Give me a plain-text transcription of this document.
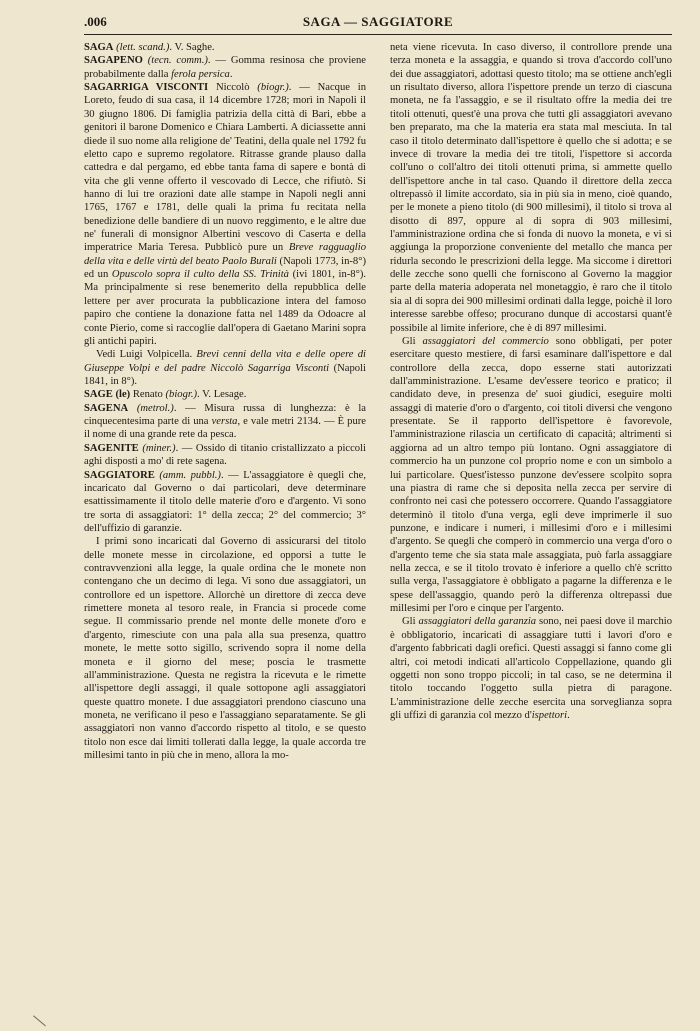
.006	SAGA — SAGGIATORE

SAGA (lett. scand.). V. Saghe.

SAGAPENO (tecn. comm.). — Gomma resinosa che proviene probabilmente dalla ferola persica.

SAGARRIGA VISCONTI Niccolò (biogr.). — Nacque in Loreto, feudo di sua casa, il 14 dicembre 1728; morì in Napoli il 30 giugno 1806. Di famiglia patrizia della città di Bari, ebbe a genitori il barone Domenico e Chiara Lamberti. A diciassette anni diede il suo nome alla religione de' Teatini, della quale nel 1792 fu eletto capo e supremo regolatore. Ritrasse grande plauso dalla cattedra e dal pergamo, ed ebbe tanta fama di sapere e bontà di vita che gli venne offerto il vescovado di Lecce, che rifiutò. Si hanno di lui tre orazioni date alle stampe in Napoli negli anni 1765, 1767 e 1781, delle quali la prima fu recitata nella benedizione delle bandiere di un nuovo reggimento, e le altre due ne' funerali di monsignor Albertini vescovo di Caserta e della imperatrice Maria Teresa. Pubblicò pure un Breve ragguaglio della vita e delle virtù del beato Paolo Burali (Napoli 1773, in-8°) ed un Opuscolo sopra il culto della SS. Trinità (ivi 1801, in-8°). Ma principalmente si rese benemerito della repubblica delle lettere per aver procurata la pubblicazione intera del famoso papiro che contiene la donazione fatta nel 1489 da Odoacre al conte Pierio, come si raccoglie dall'opera di Gaetano Marini sopra gli antichi papiri.

Vedi Luigi Volpicella. Brevi cenni della vita e delle opere di Giuseppe Volpi e del padre Niccolò Sagarriga Visconti (Napoli 1841, in 8°).

SAGE (le) Renato (biogr.). V. Lesage.

SAGENA (metrol.). — Misura russa di lunghezza: è la cinquecentesima parte di una versta, e vale metri 2134. — È pure il nome di una grande rete da pesca.

SAGENITE (miner.). — Ossido di titanio cristallizzato a piccoli aghi disposti a mo' di rete sagena.

SAGGIATORE (amm. pubbl.). — L'assaggiatore è quegli che, incaricato dal Governo o dai particolari, deve determinare esattissimamente il titolo delle materie d'oro e d'argento. Vi sono tre sorta di assaggiatori: 1° della zecca; 2° del commercio; 3° dell'uffizio di garanzie.

I primi sono incaricati dal Governo di assicurarsi del titolo delle monete messe in circolazione, ed opporsi a tutte le contravvenzioni alla legge, la quale ordina che le monete non contengano che un decimo di lega. Vi sono due assaggiatori, un controllore ed un ispettore. Allorchè un direttore di zecca deve rimettere moneta al tesoro reale, in Francia si procede come segue. Il commissario prende nel monte delle monete d'oro e d'argento, rimescìute con una pala alla sua presenza, quattro monete, le mette sotto sigillo, scrivendo sopra il nome della moneta e il giorno del mese; poscia le trasmette all'amministrazione. Questa ne registra la ricevuta e le rimette all'ispettore degli assaggi, il quale sottopone agli assaggiatori queste quattro monete. I due assaggiatori prendono ciascuno una moneta, ne verificano il peso e l'assaggiano separatamente. Se gli assaggiatori non vanno d'accordo rispetto al titolo, e se questo titolo non esce dai limiti tollerati dalla legge, la quale accorda tre millesimi tanto in più che in meno, allora la mo-

neta viene ricevuta. In caso diverso, il controllore prende una terza moneta e la assaggia, e quando si trova d'accordo coll'uno dei due assaggiatori, adottasi questo titolo; ma se ottiene anch'egli un risultato diverso, allora l'ispettore prende un terzo di ciascuna moneta, ne fa l'assaggio, e se il risultato offre la media dei tre titoli ottenuti, quest'è una prova che tutti gli assaggiatori avevano ben preparato, ma che la materia era stata mal mescìuta. In tal caso il titolo determinato dall'ispettore è quello che si adotta; e se invece di trovare la media dei tre titoli, l'ispettore si accorda coll'uno o coll'altro dei titoli ottenuti prima, si ammette quello dell'ispettore anche in tal caso. Quando il direttore della zecca oltrepassò il limite accordato, sia in più sia in meno, cioè quando, per le monete a pieno titolo (di 900 millesimi), il titolo si trova al disotto di 897, oppure al di sopra di 903 millesimi, l'amministrazione ordina che si fonda di nuovo la moneta, e vi si aggiunga la proporzione conveniente del metallo che manca per ridurla secondo le prescrizioni della legge. Ma siccome i direttori delle zecche sono quelli che forniscono al Governo la maggior parte della materia adoperata nel monetaggio, è raro che il titolo sia al di sopra dei 900 millesimi ordinati dalla legge, poichè il loro interesse sarebbe offeso; procurano dunque di accostarsi quant'è possibile al limite inferiore, che è di 897 millesimi.

Gli assaggiatori del commercio sono obbligati, per poter esercitare questo mestiere, di farsi esaminare dall'ispettore e dal controllore della zecca, dopo esserne stati autorizzati dall'amministrazione. L'esame dev'essere teorico e pratico; il candidato deve, in presenza de' suoi giudici, eseguire molti assaggi di materie d'oro o d'argento, coi titoli diversi che vengono presentate. Se il rapporto dell'ispettore è favorevole, l'amministrazione rilascia un certificato di capacità; altrimenti si aggiorna ad un altro tempo più lontano. Ogni assaggiatore di commercio ha un punzone col proprio nome e con un simbolo a lui particolare. Quest'istesso punzone dev'essere scolpito sopra una piastra di rame che si deposita nella zecca per servire di confronto nei casi che potessero occorrere. Quando l'assaggiatore determinò il titolo d'una verga, egli deve imprimerle il suo punzone, e indicare i numeri, i millesimi d'oro e i millesimi d'argento. Se quegli che comperò in commercio una verga d'oro o d'argento teme che sia stata male assaggiata, può farla assaggiare nella zecca, e se il titolo trovato è inferiore a quello ch'è scritto sulla verga, l'assaggiatore è obbligato a pagarne la differenza e le spese dell'assaggio, quando però la differenza oltrepassi due millesimi per l'oro e cinque per l'argento.

Gli assaggiatori della garanzia sono, nei paesi dove il marchio è obbligatorio, incaricati di assaggiare tutti i lavori d'oro e d'argento fabbricati dagli orefici. Questi assaggi si fanno come gli altri, coi metodi indicati all'articolo Coppellazione, quando gli oggetti non sono troppo piccoli; in tal caso, se ne determina il titolo toccando l'oggetto sulla pietra di paragone. L'amministrazione delle zecche esercita una sorveglianza sopra gli uffizi di garanzia col mezzo d'ispettori.
